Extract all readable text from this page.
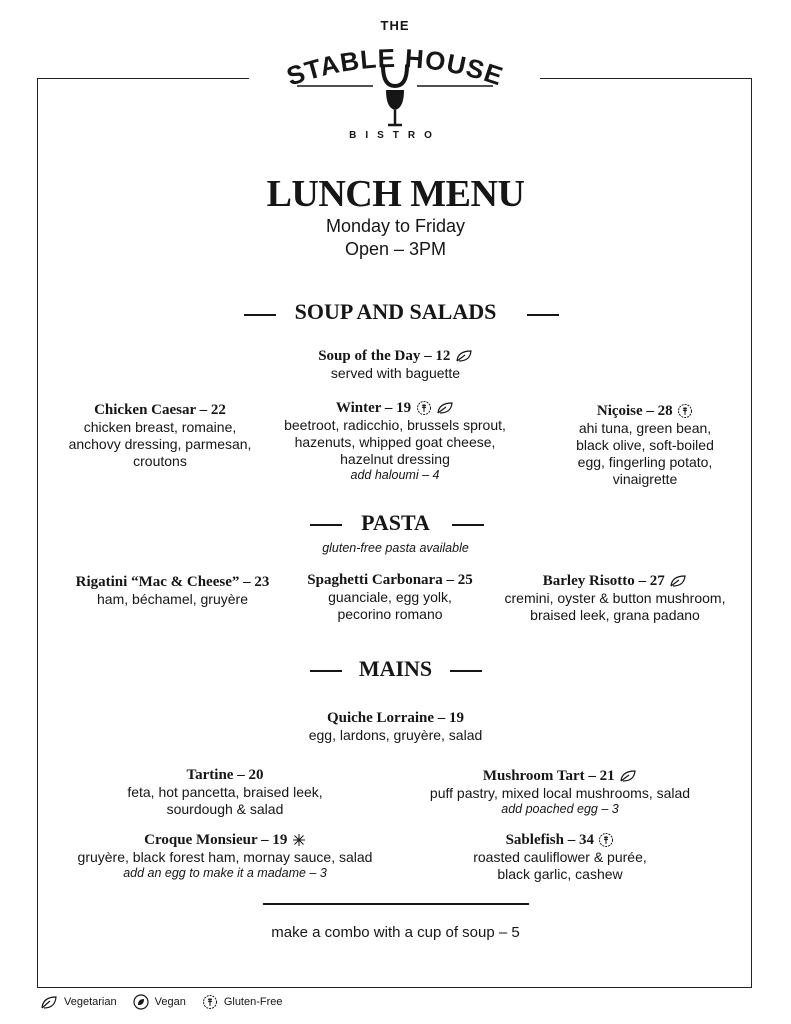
THE
STABLE HOUSE
BISTRO
LUNCH MENU
Monday to Friday
Open – 3PM
SOUP AND SALADS
Soup of the Day – 12
served with baguette
Chicken Caesar – 22
chicken breast, romaine,
anchovy dressing, parmesan,
croutons
Winter – 19
beetroot, radicchio, brussels sprout,
hazenuts, whipped goat cheese,
hazelnut dressing
add haloumi – 4
Niçoise – 28
ahi tuna, green bean,
black olive, soft-boiled
egg, fingerling potato,
vinaigrette
PASTA
gluten-free pasta available
Rigatini “Mac & Cheese” – 23
ham, béchamel, gruyère
Spaghetti Carbonara – 25
guanciale, egg yolk,
pecorino romano
Barley Risotto – 27
cremini, oyster & button mushroom,
braised leek, grana padano
MAINS
Quiche Lorraine – 19
egg, lardons, gruyère, salad
Tartine – 20
feta, hot pancetta, braised leek,
sourdough & salad
Mushroom Tart – 21
puff pastry, mixed local mushrooms, salad
add poached egg – 3
Croque Monsieur – 19
gruyère, black forest ham, mornay sauce, salad
add an egg to make it a madame – 3
Sablefish – 34
roasted cauliflower & purée,
black garlic, cashew
make a combo with a cup of soup – 5
Vegetarian	Vegan	Gluten-Free
